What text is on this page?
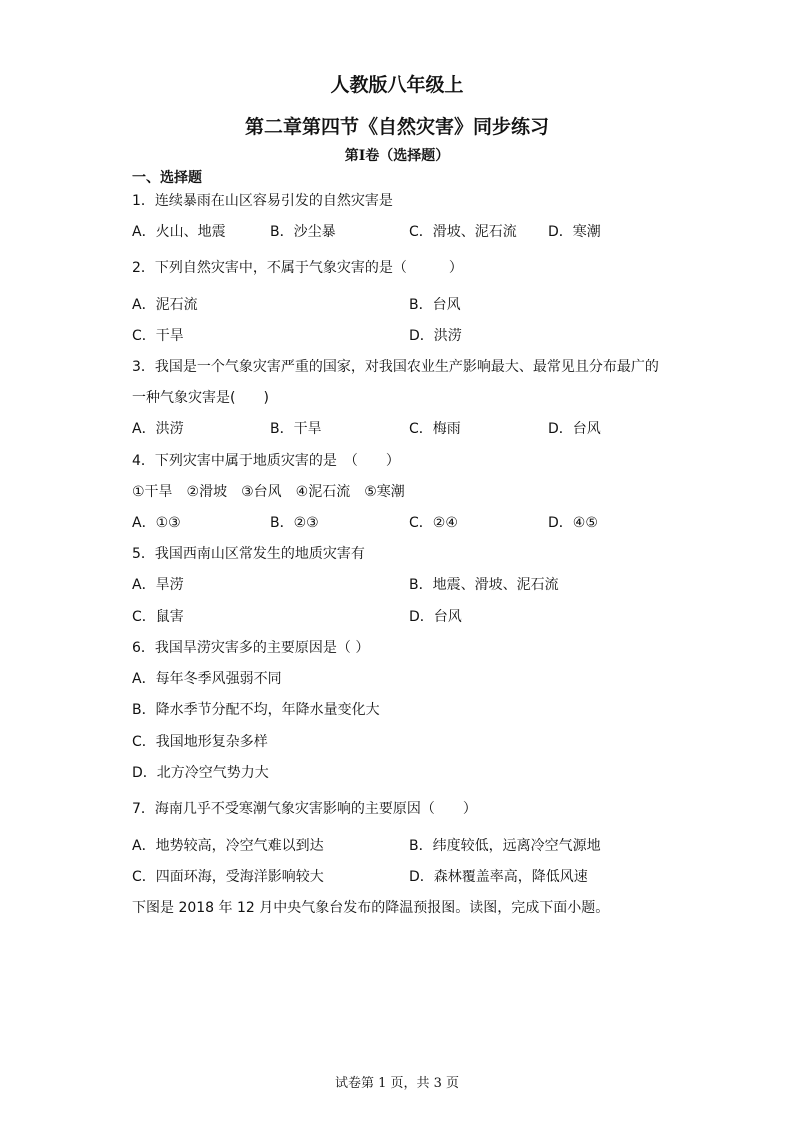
人教版八年级上
第二章第四节《自然灾害》同步练习
第Ⅰ卷（选择题）
一、选择题
1．连续暴雨在山区容易引发的自然灾害是
A．火山、地震	B．沙尘暴	C．滑坡、泥石流 D．寒潮
2．下列自然灾害中，不属于气象灾害的是（　　　）
A．泥石流	B．台风
C．干旱	D．洪涝
3．我国是一个气象灾害严重的国家，对我国农业生产影响最大、最常见且分布最广的
一种气象灾害是(　　)
A．洪涝	B．干旱	C．梅雨	D．台风
4．下列灾害中属于地质灾害的是　（　　）
①干旱　②滑坡　③台风　④泥石流　⑤寒潮
A．①③	B．②③	C．②④	D．④⑤
5．我国西南山区常发生的地质灾害有
A．旱涝	B．地震、滑坡、泥石流
C．鼠害	D．台风
6．我国旱涝灾害多的主要原因是（ ）
A．每年冬季风强弱不同
B．降水季节分配不均，年降水量变化大
C．我国地形复杂多样
D．北方冷空气势力大
7．海南几乎不受寒潮气象灾害影响的主要原因（　　）
A．地势较高，冷空气难以到达	B．纬度较低，远离冷空气源地
C．四面环海，受海洋影响较大	D．森林覆盖率高，降低风速
下图是 2018 年 12 月中央气象台发布的降温预报图。读图，完成下面小题。
试卷第 1 页，共 3 页
